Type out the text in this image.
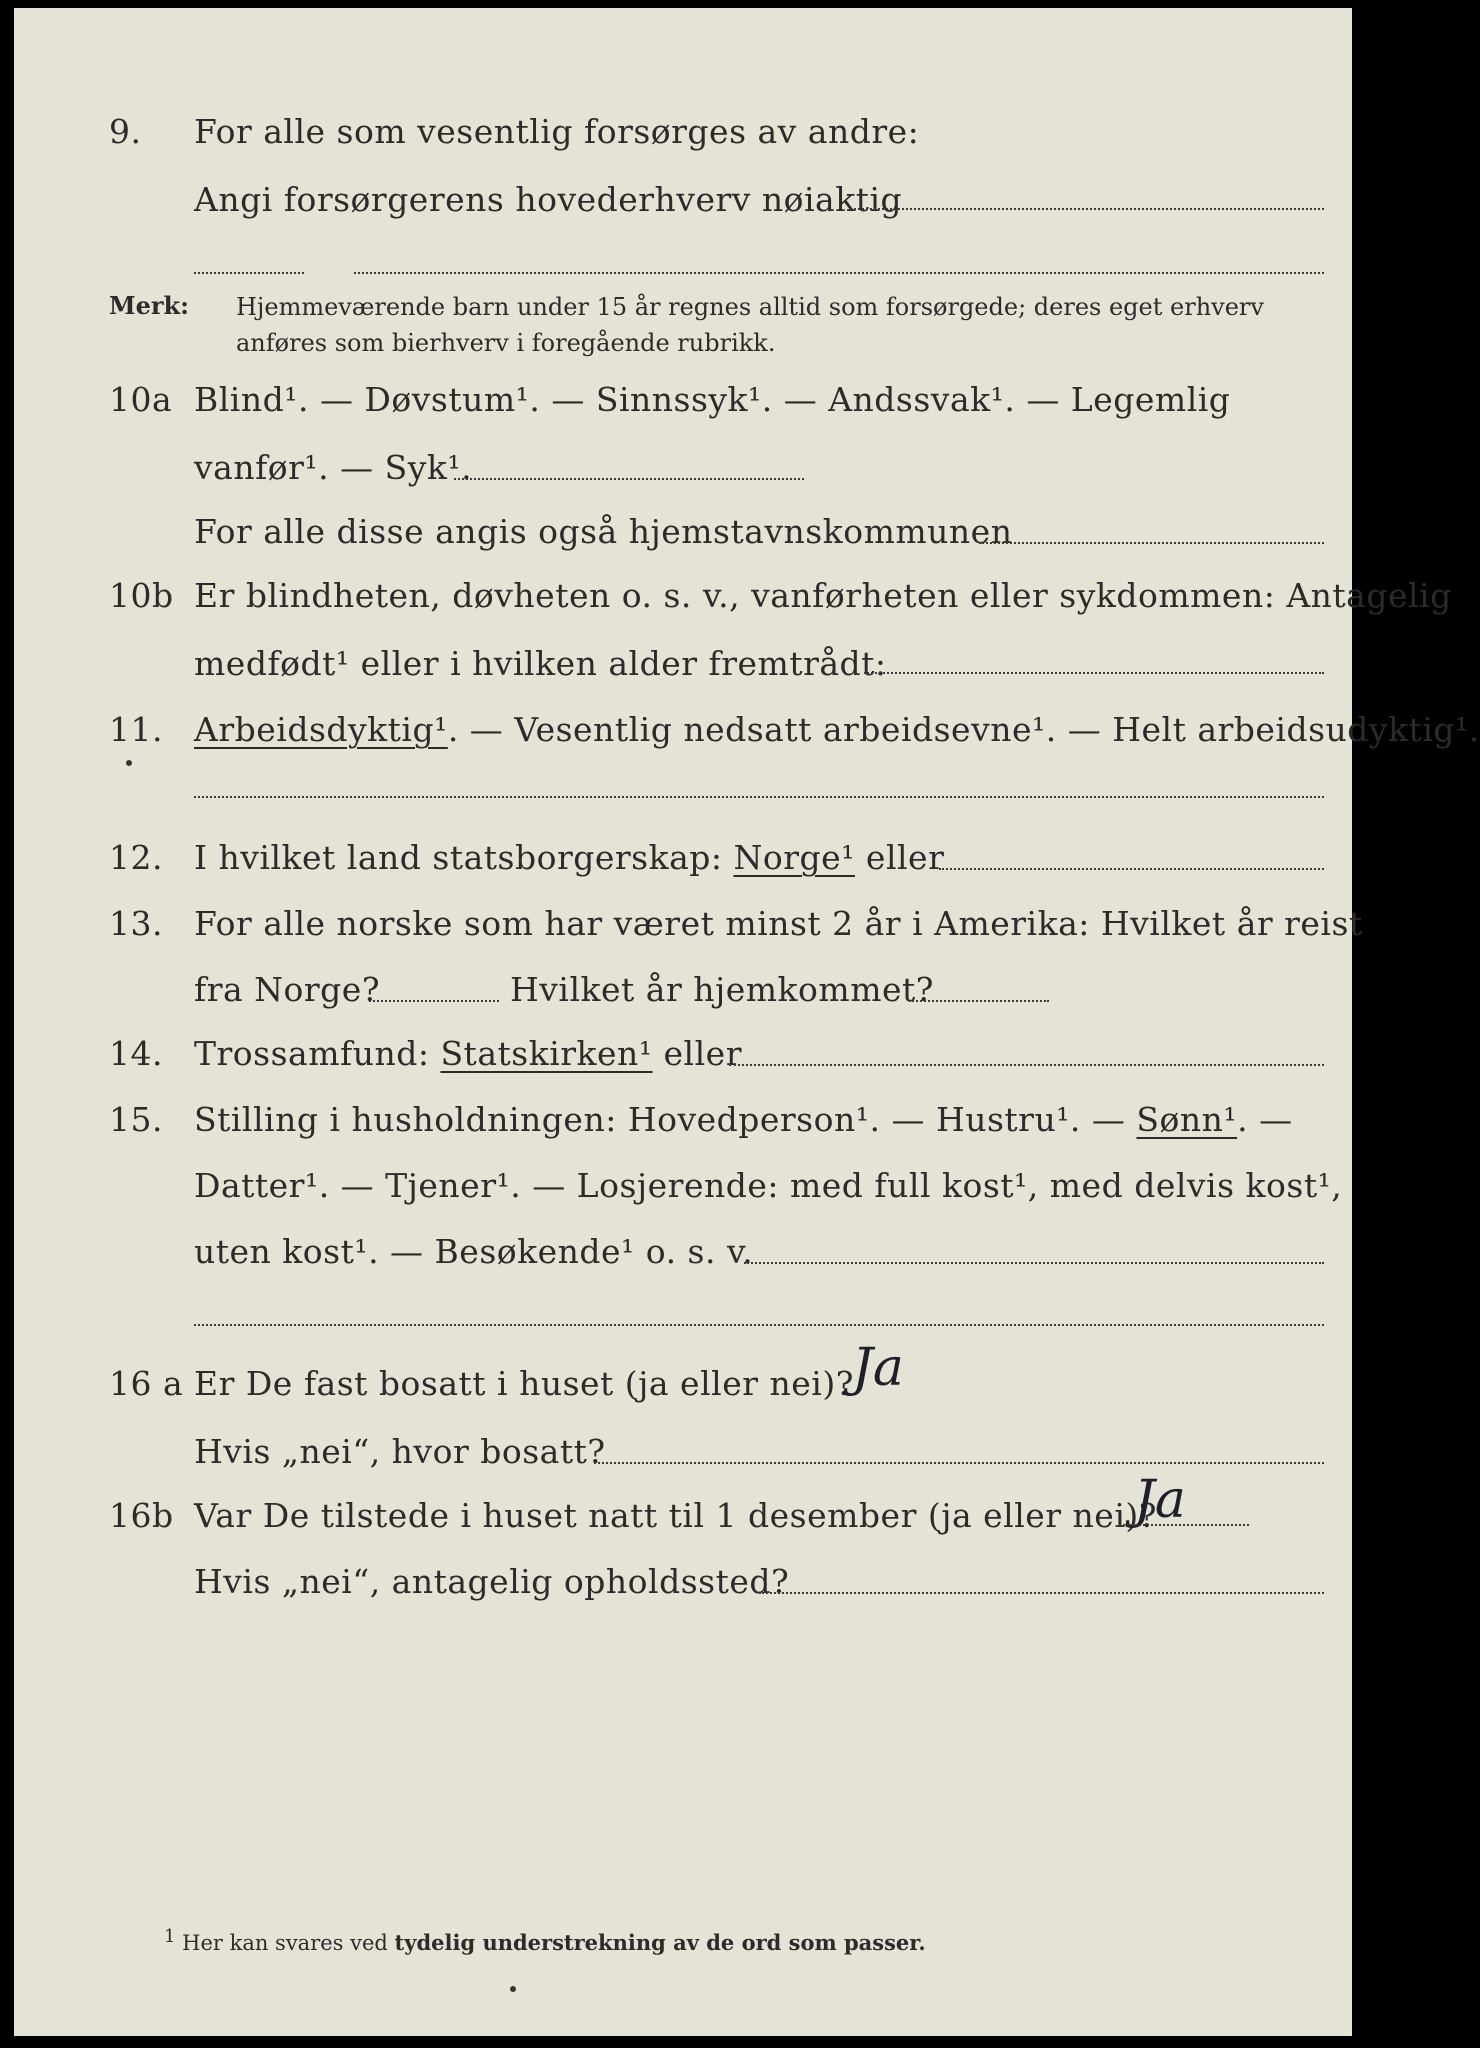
9. For alle som vesentlig forsørges av andre:
Angi forsørgerens hovederhverv nøiaktig
Merk: Hjemmeværende barn under 15 år regnes alltid som forsørgede; deres eget erhverv
anføres som bierhverv i foregående rubrikk.
10a Blind¹. — Døvstum¹. — Sinnssyk¹. — Andssvak¹. — Legemlig
vanfør¹. — Syk¹.
For alle disse angis også hjemstavnskommunen
10b Er blindheten, døvheten o. s. v., vanførheten eller sykdommen: Antagelig
medfødt¹ eller i hvilken alder fremtrådt:
11. Arbeidsdyktig¹. — Vesentlig nedsatt arbeidsevne¹. — Helt arbeidsudyktig¹.
12. I hvilket land statsborgerskap: Norge¹ eller
13. For alle norske som har været minst 2 år i Amerika: Hvilket år reist
fra Norge?	Hvilket år hjemkommet?
14. Trossamfund: Statskirken¹ eller
15. Stilling i husholdningen: Hovedperson¹. — Hustru¹. — Sønn¹. —
Datter¹. — Tjener¹. — Losjerende: med full kost¹, med delvis kost¹,
uten kost¹. — Besøkende¹ o. s. v.
16 a Er De fast bosatt i huset (ja eller nei)?
Ja
Hvis „nei“, hvor bosatt?
16b Var De tilstede i huset natt til 1 desember (ja eller nei)?
Ja
Hvis „nei“, antagelig opholdssted?
1 Her kan svares ved tydelig understrekning av de ord som passer.
